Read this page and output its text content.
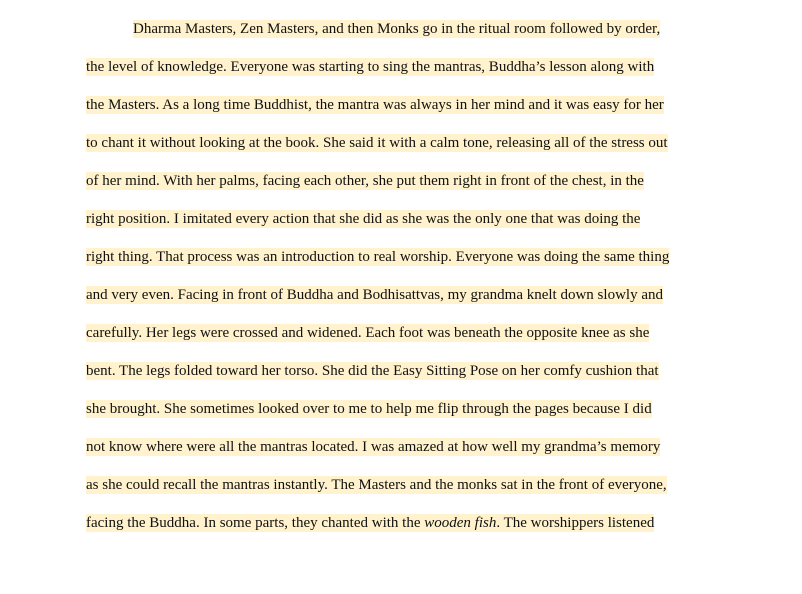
Dharma Masters, Zen Masters, and then Monks go in the ritual room followed by order,
the level of knowledge. Everyone was starting to sing the mantras, Buddha’s lesson along with
the Masters. As a long time Buddhist, the mantra was always in her mind and it was easy for her
to chant it without looking at the book. She said it with a calm tone, releasing all of the stress out
of her mind. With her palms, facing each other, she put them right in front of the chest, in the
right position. I imitated every action that she did as she was the only one that was doing the
right thing. That process was an introduction to real worship. Everyone was doing the same thing
and very even. Facing in front of Buddha and Bodhisattvas, my grandma knelt down slowly and
carefully. Her legs were crossed and widened. Each foot was beneath the opposite knee as she
bent. The legs folded toward her torso. She did the Easy Sitting Pose on her comfy cushion that
she brought. She sometimes looked over to me to help me flip through the pages because I did
not know where were all the mantras located. I was amazed at how well my grandma’s memory
as she could recall the mantras instantly. The Masters and the monks sat in the front of everyone,
facing the Buddha. In some parts, they chanted with the wooden fish. The worshippers listened
